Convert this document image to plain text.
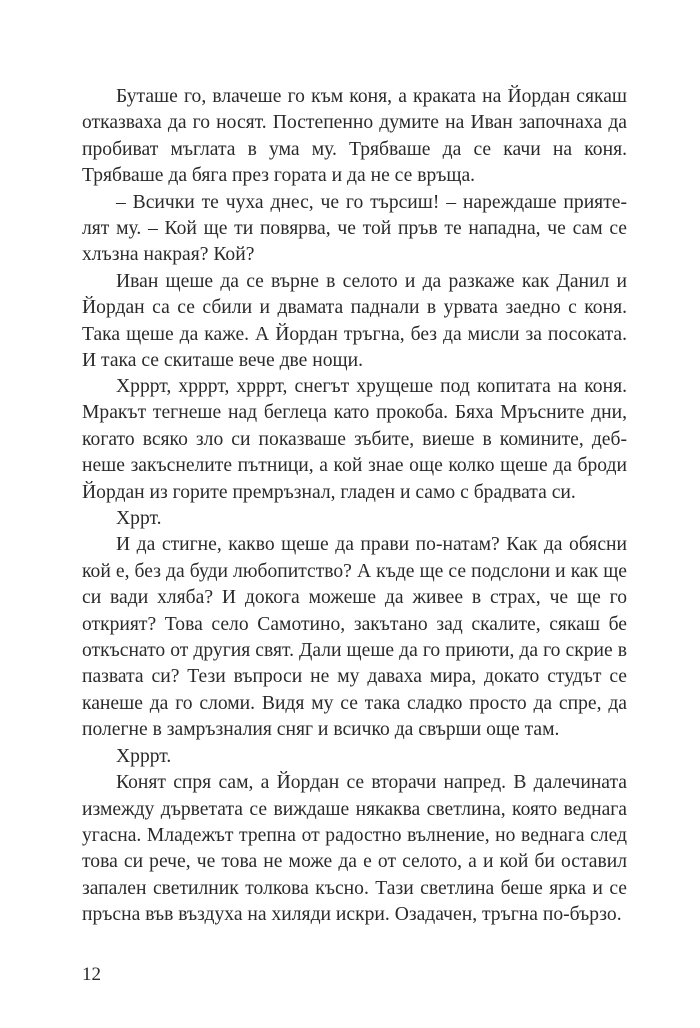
Буташе го, влачеше го към коня, а краката на Йордан сякаш отказваха да го носят. Постепенно думите на Иван започнаха да пробиват мъглата в ума му. Трябваше да се качи на коня. Трябваше да бяга през гората и да не се връща.

– Всички те чуха днес, че го търсиш! – нареждаше приятелят му. – Кой ще ти повярва, че той пръв те нападна, че сам се хлъзна накрая? Кой?

Иван щеше да се върне в селото и да разкаже как Данил и Йордан са се сбили и двамата паднали в урвата заедно с коня. Така щеше да каже. А Йордан тръгна, без да мисли за посоката. И така се скиташе вече две нощи.

Хрррт, хрррт, хрррт, снегът хрущеше под копитата на коня. Мракът тегнеше над беглеца като прокоба. Бяха Мръсните дни, когато всяко зло си показваше зъбите, виеше в комините, дебнеше закъснелите пътници, а кой знае още колко щеше да броди Йордан из горите премръзнал, гладен и само с брадвата си.

Хррт.

И да стигне, какво щеше да прави по-натам? Как да обясни кой е, без да буди любопитство? А къде ще се подслони и как ще си вади хляба? И докога можеше да живее в страх, че ще го открият? Това село Самотино, закътано зад скалите, сякаш бе откъснато от другия свят. Дали щеше да го приюти, да го скрие в пазвата си? Тези въпроси не му даваха мира, докато студът се канеше да го сломи. Видя му се така сладко просто да спре, да полегне в замръзналия сняг и всичко да свърши още там.

Хрррт.

Конят спря сам, а Йордан се вторачи напред. В далечината измежду дърветата се виждаше някаква светлина, която веднага угасна. Младежът трепна от радостно вълнение, но веднага след това си рече, че това не може да е от селото, а и кой би оставил запален светилник толкова късно. Тази светлина беше ярка и се пръсна във въздуха на хиляди искри. Озадачен, тръгна по-бързо.

12
